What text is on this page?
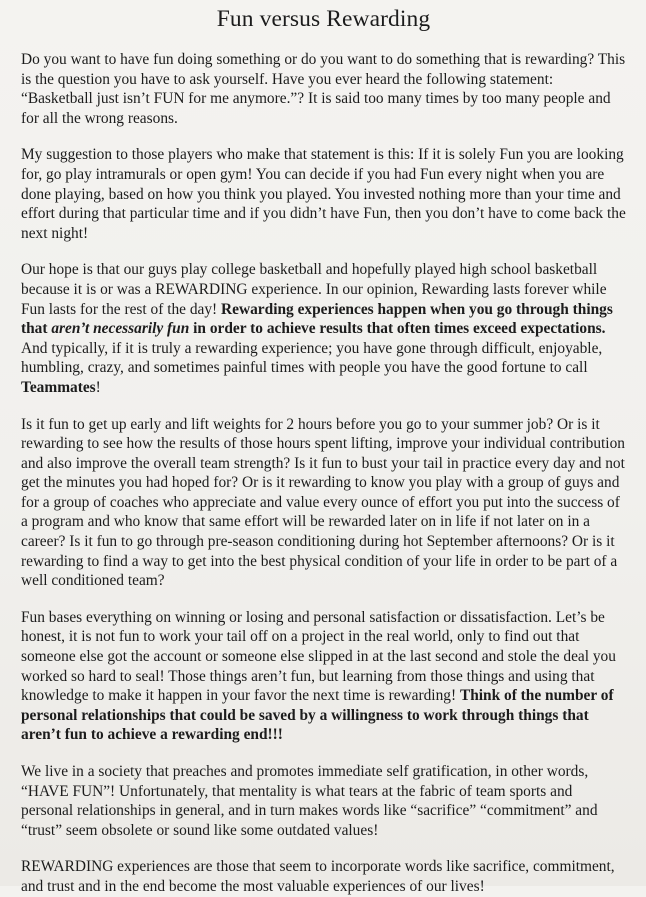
Fun versus Rewarding

Do you want to have fun doing something or do you want to do something that is rewarding? This is the question you have to ask yourself. Have you ever heard the following statement: “Basketball just isn’t FUN for me anymore.”? It is said too many times by too many people and for all the wrong reasons.

My suggestion to those players who make that statement is this: If it is solely Fun you are looking for, go play intramurals or open gym! You can decide if you had Fun every night when you are done playing, based on how you think you played. You invested nothing more than your time and effort during that particular time and if you didn’t have Fun, then you don’t have to come back the next night!

Our hope is that our guys play college basketball and hopefully played high school basketball because it is or was a REWARDING experience. In our opinion, Rewarding lasts forever while Fun lasts for the rest of the day! Rewarding experiences happen when you go through things that aren’t necessarily fun in order to achieve results that often times exceed expectations. And typically, if it is truly a rewarding experience; you have gone through difficult, enjoyable, humbling, crazy, and sometimes painful times with people you have the good fortune to call Teammates!

Is it fun to get up early and lift weights for 2 hours before you go to your summer job? Or is it rewarding to see how the results of those hours spent lifting, improve your individual contribution and also improve the overall team strength? Is it fun to bust your tail in practice every day and not get the minutes you had hoped for? Or is it rewarding to know you play with a group of guys and for a group of coaches who appreciate and value every ounce of effort you put into the success of a program and who know that same effort will be rewarded later on in life if not later on in a career? Is it fun to go through pre-season conditioning during hot September afternoons? Or is it rewarding to find a way to get into the best physical condition of your life in order to be part of a well conditioned team?

Fun bases everything on winning or losing and personal satisfaction or dissatisfaction. Let’s be honest, it is not fun to work your tail off on a project in the real world, only to find out that someone else got the account or someone else slipped in at the last second and stole the deal you worked so hard to seal! Those things aren’t fun, but learning from those things and using that knowledge to make it happen in your favor the next time is rewarding! Think of the number of personal relationships that could be saved by a willingness to work through things that aren’t fun to achieve a rewarding end!!!

We live in a society that preaches and promotes immediate self gratification, in other words, “HAVE FUN”! Unfortunately, that mentality is what tears at the fabric of team sports and personal relationships in general, and in turn makes words like “sacrifice” “commitment” and “trust” seem obsolete or sound like some outdated values!

REWARDING experiences are those that seem to incorporate words like sacrifice, commitment, and trust and in the end become the most valuable experiences of our lives!
